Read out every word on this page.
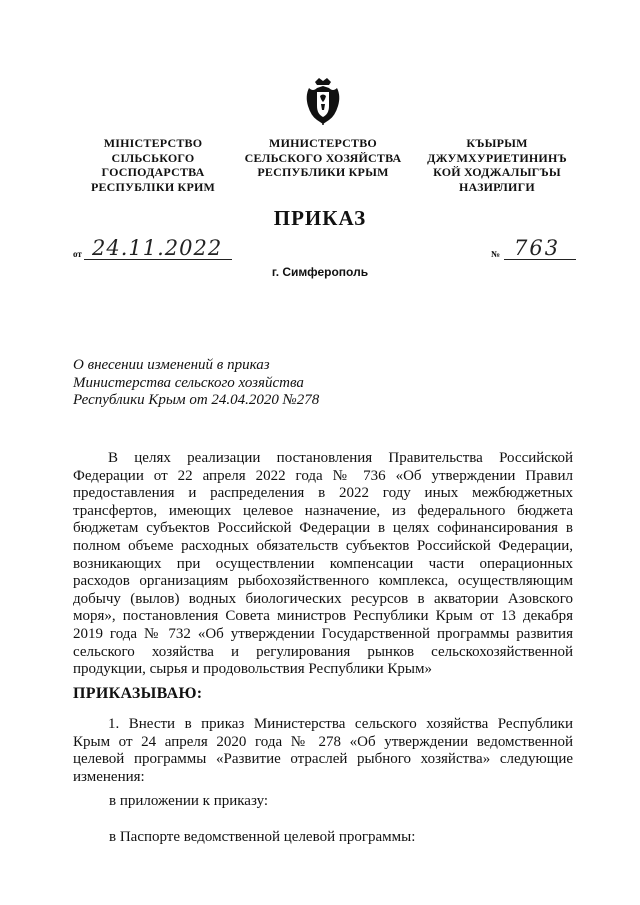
МІНІСТЕРСТВО
СІЛЬСЬКОГО
ГОСПОДАРСТВА
РЕСПУБЛІКИ КРИМ
МИНИСТЕРСТВО
СЕЛЬСКОГО ХОЗЯЙСТВА
РЕСПУБЛИКИ КРЫМ
КЪЫРЫМ
ДЖУМХУРИЕТИНИНЪ
КОЙ ХОДЖАЛЫГЪЫ
НАЗИРЛИГИ
ПРИКАЗ
от 24.11.2022	№ 763
г. Симферополь
О внесении изменений в приказ
Министерства сельского хозяйства
Республики Крым от 24.04.2020 №278

В целях реализации постановления Правительства Российской Федерации от 22 апреля 2022 года № 736 «Об утверждении Правил предоставления и распределения в 2022 году иных межбюджетных трансфертов, имеющих целевое назначение, из федерального бюджета бюджетам субъектов Российской Федерации в целях софинансирования в полном объеме расходных обязательств субъектов Российской Федерации, возникающих при осуществлении компенсации части операционных расходов организациям рыбохозяйственного комплекса, осуществляющим добычу (вылов) водных биологических ресурсов в акватории Азовского моря», постановления Совета министров Республики Крым от 13 декабря 2019 года № 732 «Об утверждении Государственной программы развития сельского хозяйства и регулирования рынков сельскохозяйственной продукции, сырья и продовольствия Республики Крым»

ПРИКАЗЫВАЮ:

1. Внести в приказ Министерства сельского хозяйства Республики Крым от 24 апреля 2020 года № 278 «Об утверждении ведомственной целевой программы «Развитие отраслей рыбного хозяйства» следующие изменения:

в приложении к приказу:
в Паспорте ведомственной целевой программы:
